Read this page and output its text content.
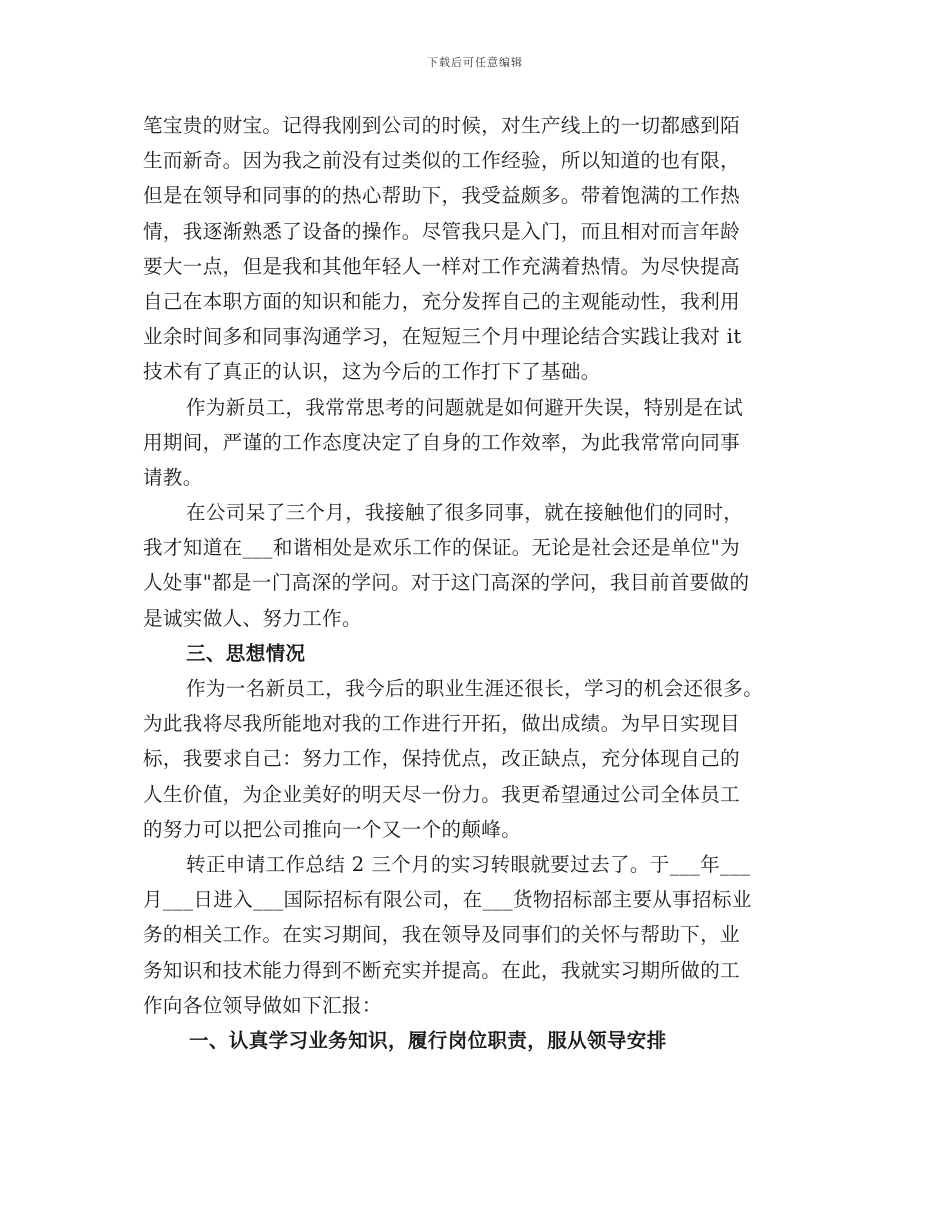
下载后可任意编辑
笔宝贵的财宝。记得我刚到公司的时候，对生产线上的一切都感到陌
生而新奇。因为我之前没有过类似的工作经验，所以知道的也有限，
但是在领导和同事的的热心帮助下，我受益颇多。带着饱满的工作热
情，我逐渐熟悉了设备的操作。尽管我只是入门，而且相对而言年龄
要大一点，但是我和其他年轻人一样对工作充满着热情。为尽快提高
自己在本职方面的知识和能力，充分发挥自己的主观能动性，我利用
业余时间多和同事沟通学习，在短短三个月中理论结合实践让我对 it
技术有了真正的认识，这为今后的工作打下了基础。
作为新员工，我常常思考的问题就是如何避开失误，特别是在试
用期间，严谨的工作态度决定了自身的工作效率，为此我常常向同事
请教。
在公司呆了三个月，我接触了很多同事，就在接触他们的同时，
我才知道在___和谐相处是欢乐工作的保证。无论是社会还是单位"为
人处事"都是一门高深的学问。对于这门高深的学问，我目前首要做的
是诚实做人、努力工作。
三、思想情况
作为一名新员工，我今后的职业生涯还很长，学习的机会还很多。
为此我将尽我所能地对我的工作进行开拓，做出成绩。为早日实现目
标，我要求自己：努力工作，保持优点，改正缺点，充分体现自己的
人生价值，为企业美好的明天尽一份力。我更希望通过公司全体员工
的努力可以把公司推向一个又一个的颠峰。
转正申请工作总结 2 三个月的实习转眼就要过去了。于___年___
月___日进入___国际招标有限公司，在___货物招标部主要从事招标业
务的相关工作。在实习期间，我在领导及同事们的关怀与帮助下，业
务知识和技术能力得到不断充实并提高。在此，我就实习期所做的工
作向各位领导做如下汇报：
一、认真学习业务知识，履行岗位职责，服从领导安排
